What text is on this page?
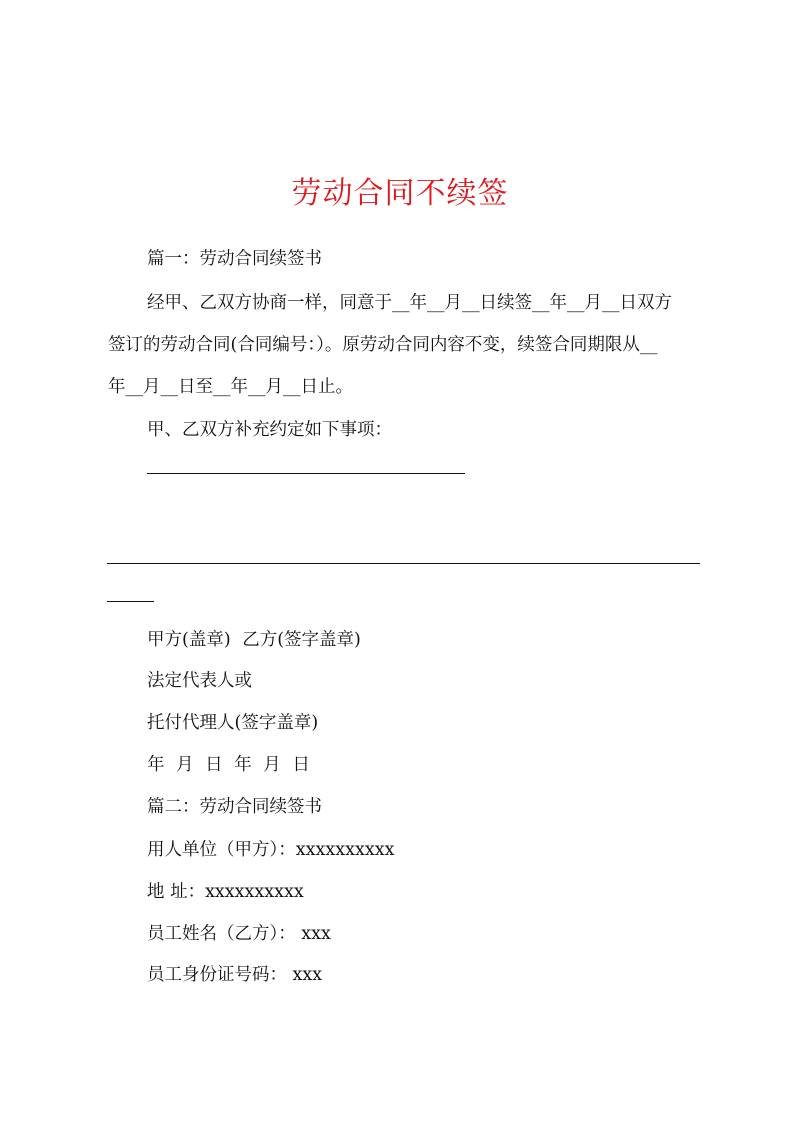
劳动合同不续签
篇一：劳动合同续签书
经甲、乙双方协商一样，同意于__年__月__日续签__年__月__日双方
签订的劳动合同(合同编号：）。原劳动合同内容不变，续签合同期限从__
年__月__日至__年__月__日止。
甲、乙双方补充约定如下事项：
甲方(盖章) 乙方(签字盖章)
法定代表人或
托付代理人(签字盖章)
年 月 日 年 月 日
篇二：劳动合同续签书
用人单位（甲方）：xxxxxxxxxx
地 址：xxxxxxxxxx
员工姓名（乙方）： xxx
员工身份证号码： xxx
